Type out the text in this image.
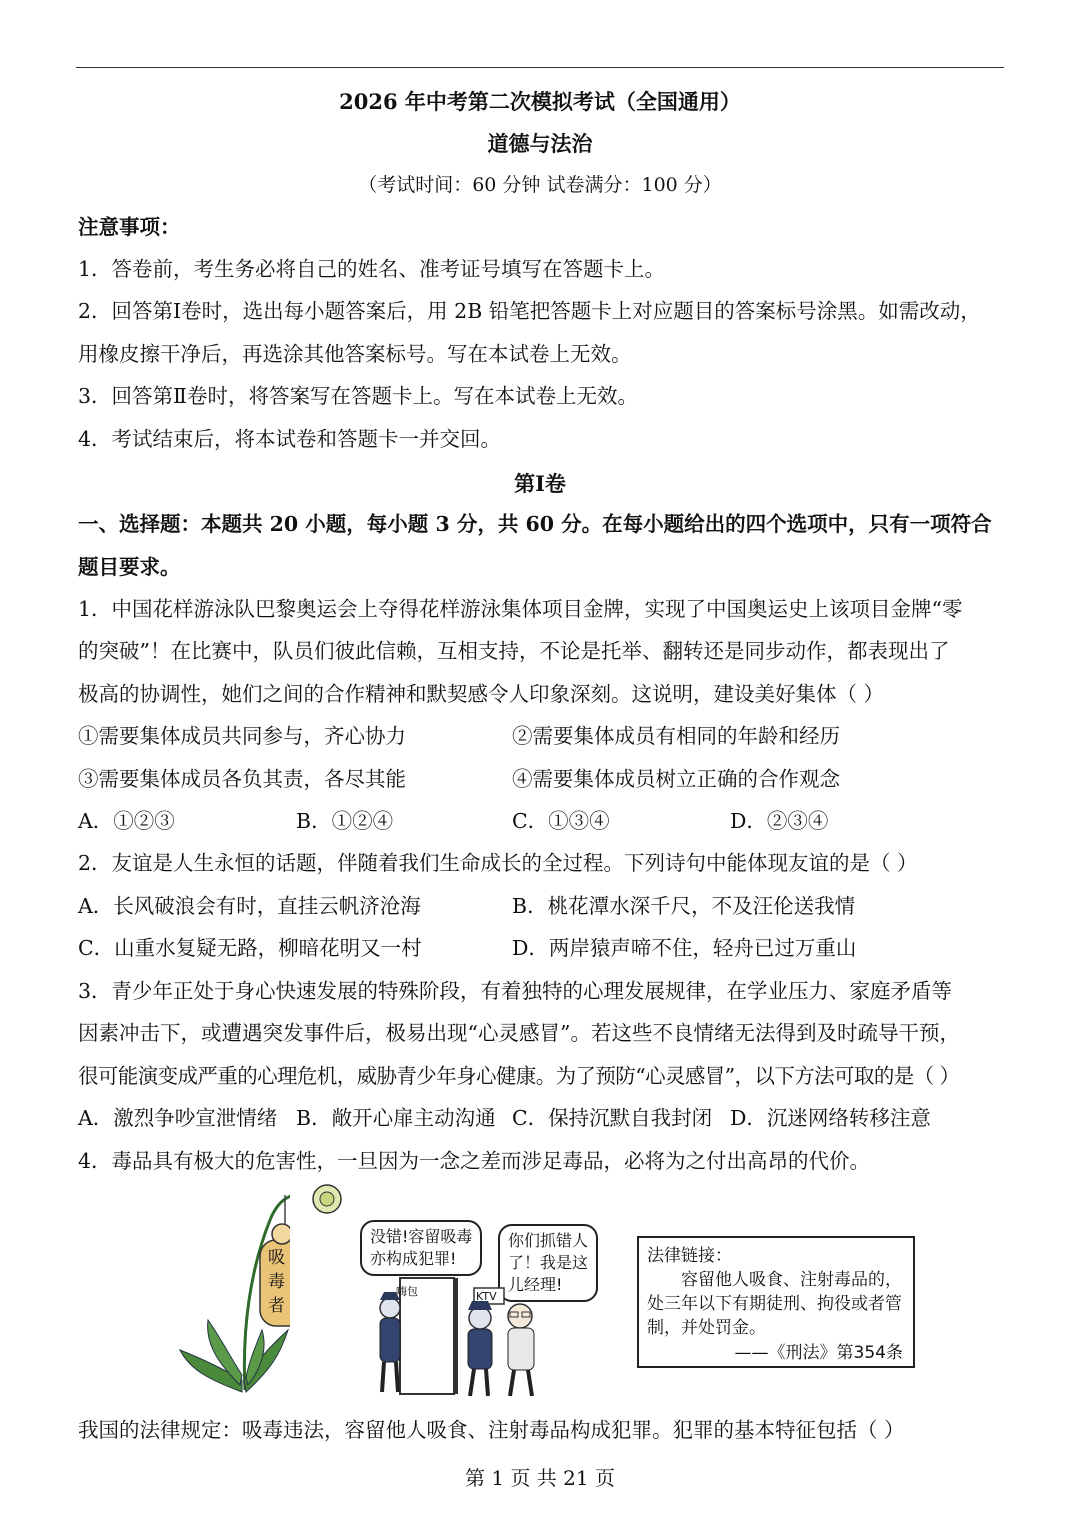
2026 年中考第二次模拟考试（全国通用）
道德与法治
（考试时间：60 分钟 试卷满分：100 分）
注意事项：
1．答卷前，考生务必将自己的姓名、准考证号填写在答题卡上。
2．回答第Ⅰ卷时，选出每小题答案后，用 2B 铅笔把答题卡上对应题目的答案标号涂黑。如需改动，
用橡皮擦干净后，再选涂其他答案标号。写在本试卷上无效。
3．回答第Ⅱ卷时，将答案写在答题卡上。写在本试卷上无效。
4．考试结束后，将本试卷和答题卡一并交回。
第Ⅰ卷
一、选择题：本题共 20 小题，每小题 3 分，共 60 分。在每小题给出的四个选项中，只有一项符合
题目要求。
1．中国花样游泳队巴黎奥运会上夺得花样游泳集体项目金牌，实现了中国奥运史上该项目金牌“零
的突破”！在比赛中，队员们彼此信赖，互相支持，不论是托举、翻转还是同步动作，都表现出了
极高的协调性，她们之间的合作精神和默契感令人印象深刻。这说明，建设美好集体（ ）
①需要集体成员共同参与，齐心协力	②需要集体成员有相同的年龄和经历
③需要集体成员各负其责，各尽其能	④需要集体成员树立正确的合作观念
A．①②③	B．①②④	C．①③④	D．②③④
2．友谊是人生永恒的话题，伴随着我们生命成长的全过程。下列诗句中能体现友谊的是（ ）
A．长风破浪会有时，直挂云帆济沧海	B．桃花潭水深千尺，不及汪伦送我情
C．山重水复疑无路，柳暗花明又一村	D．两岸猿声啼不住，轻舟已过万重山
3．青少年正处于身心快速发展的特殊阶段，有着独特的心理发展规律，在学业压力、家庭矛盾等
因素冲击下，或遭遇突发事件后，极易出现“心灵感冒”。若这些不良情绪无法得到及时疏导干预，
很可能演变成严重的心理危机，威胁青少年身心健康。为了预防“心灵感冒”，以下方法可取的是（ ）
A．激烈争吵宣泄情绪 B．敞开心扉主动沟通 C．保持沉默自我封闭 D．沉迷网络转移注意
4．毒品具有极大的危害性，一旦因为一念之差而涉足毒品，必将为之付出高昂的代价。
吸毒者
没错!容留吸毒
亦构成犯罪!
你们抓错人
了！我是这
儿经理!
嗨包	KTV
法律链接：
容留他人吸食、注射毒品的，处三年以下有期徒刑、拘役或者管制，并处罚金。
——《刑法》第354条
我国的法律规定：吸毒违法，容留他人吸食、注射毒品构成犯罪。犯罪的基本特征包括（ ）
第 1 页 共 21 页
